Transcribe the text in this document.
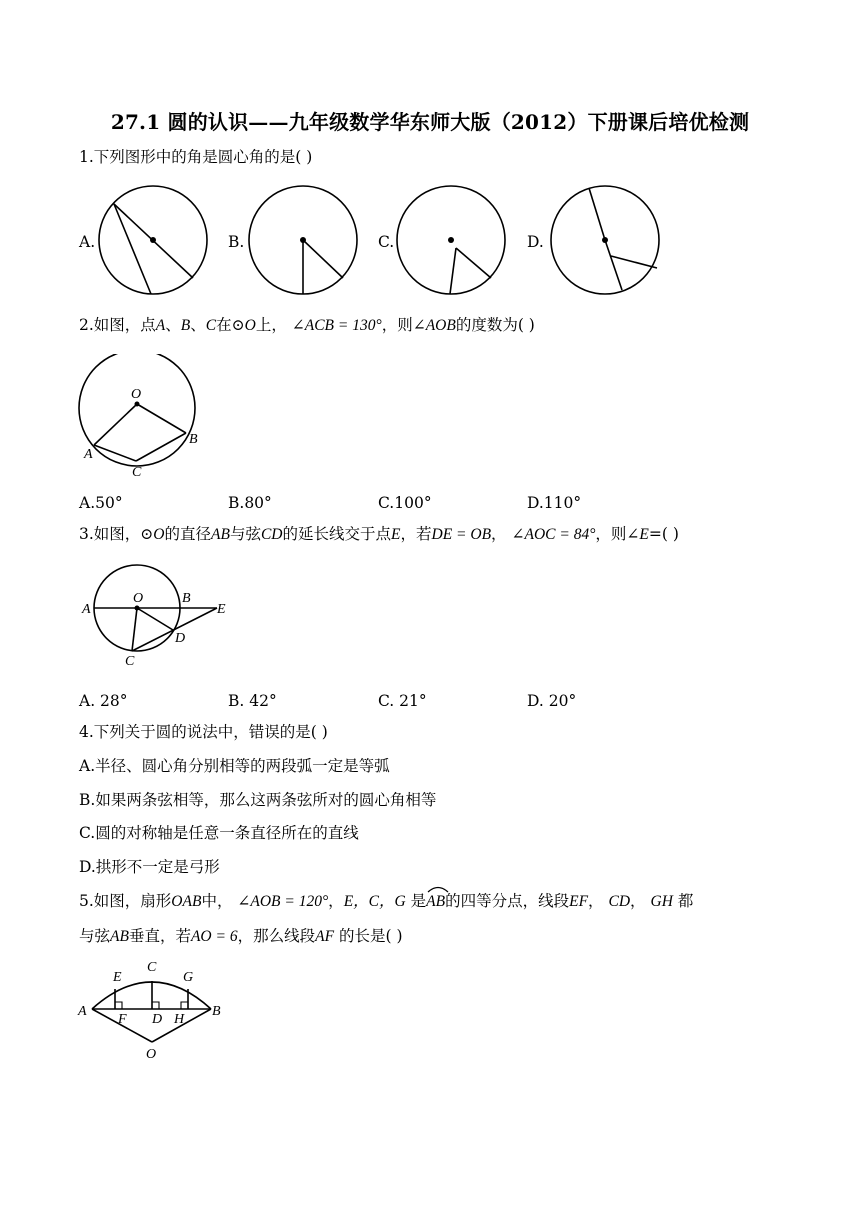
27.1 圆的认识——九年级数学华东师大版（2012）下册课后培优检测
1.下列图形中的角是圆心角的是( )
A.	B.	C.	D.
2.如图，点A、B、C在⊙O上， ∠ACB = 130°，则∠AOB的度数为( )
O
A
B
C
A.50°	B.80°	C.100°	D.110°
3.如图，⊙O的直径AB与弦CD的延长线交于点E，若DE = OB， ∠AOC = 84°，则∠E=( )
O
A
B
E
D
C
A. 28°	B. 42°	C. 21°	D. 20°
4.下列关于圆的说法中，错误的是( )
A.半径、圆心角分别相等的两段弧一定是等弧
B.如果两条弦相等，那么这两条弦所对的圆心角相等
C.圆的对称轴是任意一条直径所在的直线
D.拱形不一定是弓形
5.如图，扇形OAB中， ∠AOB = 120°，E，C，G 是
AB的四等分点，线段EF， CD， GH 都
与弦AB垂直，若AO = 6，那么线段AF 的长是( )
E
C
G
A
F D H
B
O
